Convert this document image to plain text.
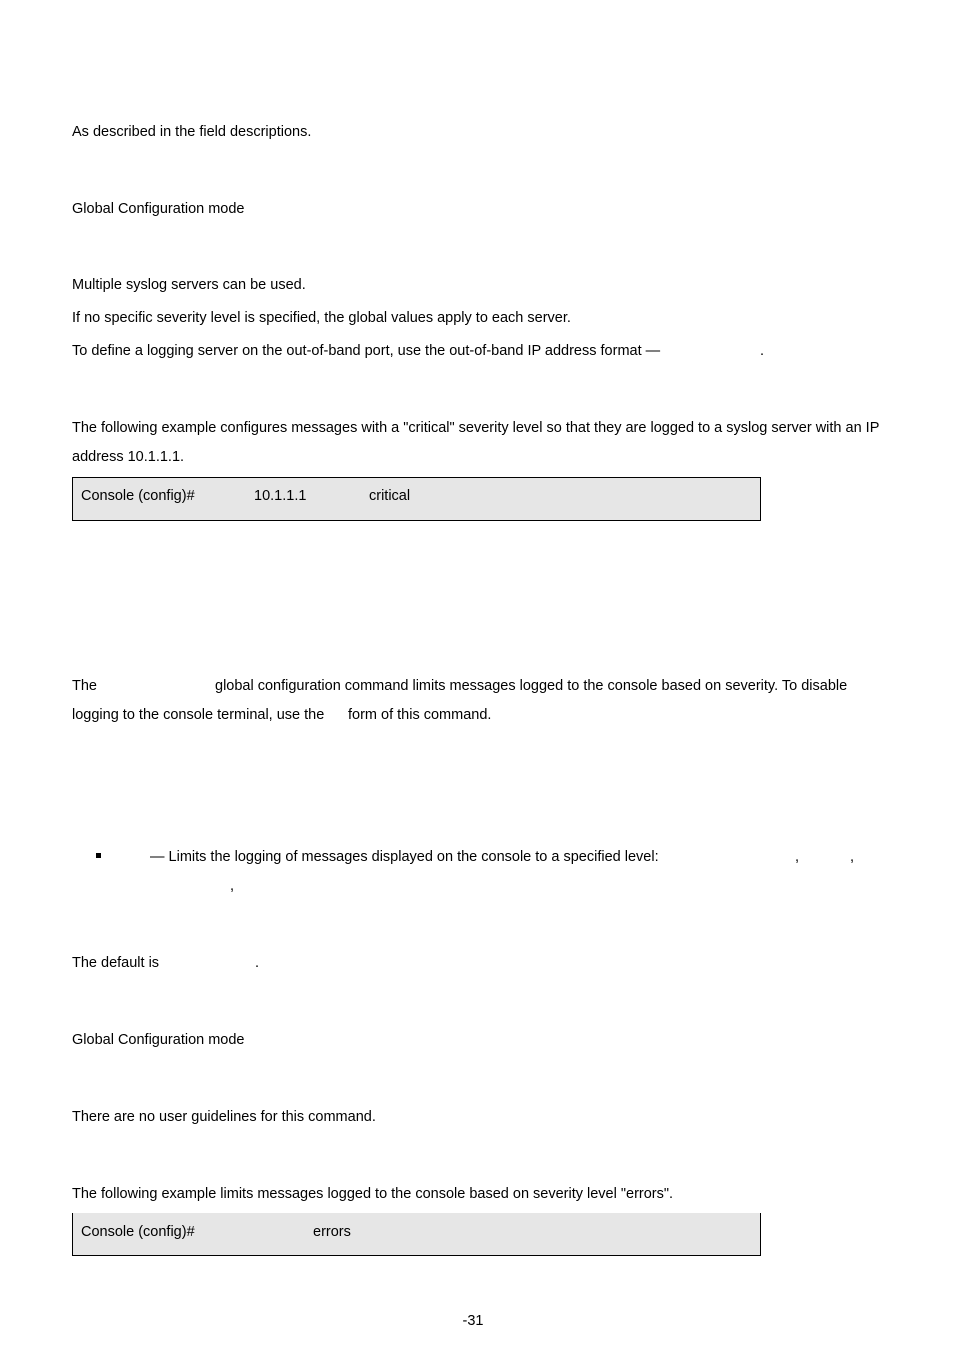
As described in the field descriptions.
Global Configuration mode
Multiple syslog servers can be used.
If no specific severity level is specified, the global values apply to each server.
To define a logging server on the out-of-band port, use the out-of-band IP address format —	.
The following example configures messages with a "critical" severity level so that they are logged to a syslog server with an IP
address 10.1.1.1.
Console (config)#	10.1.1.1	critical
The	global configuration command limits messages logged to the console based on severity. To disable
logging to the console terminal, use the form of this command.
— Limits the logging of messages displayed on the console to a specified level:	,	,
,
The default is	.
Global Configuration mode
There are no user guidelines for this command.
The following example limits messages logged to the console based on severity level "errors".
Console (config)#	errors
-31
